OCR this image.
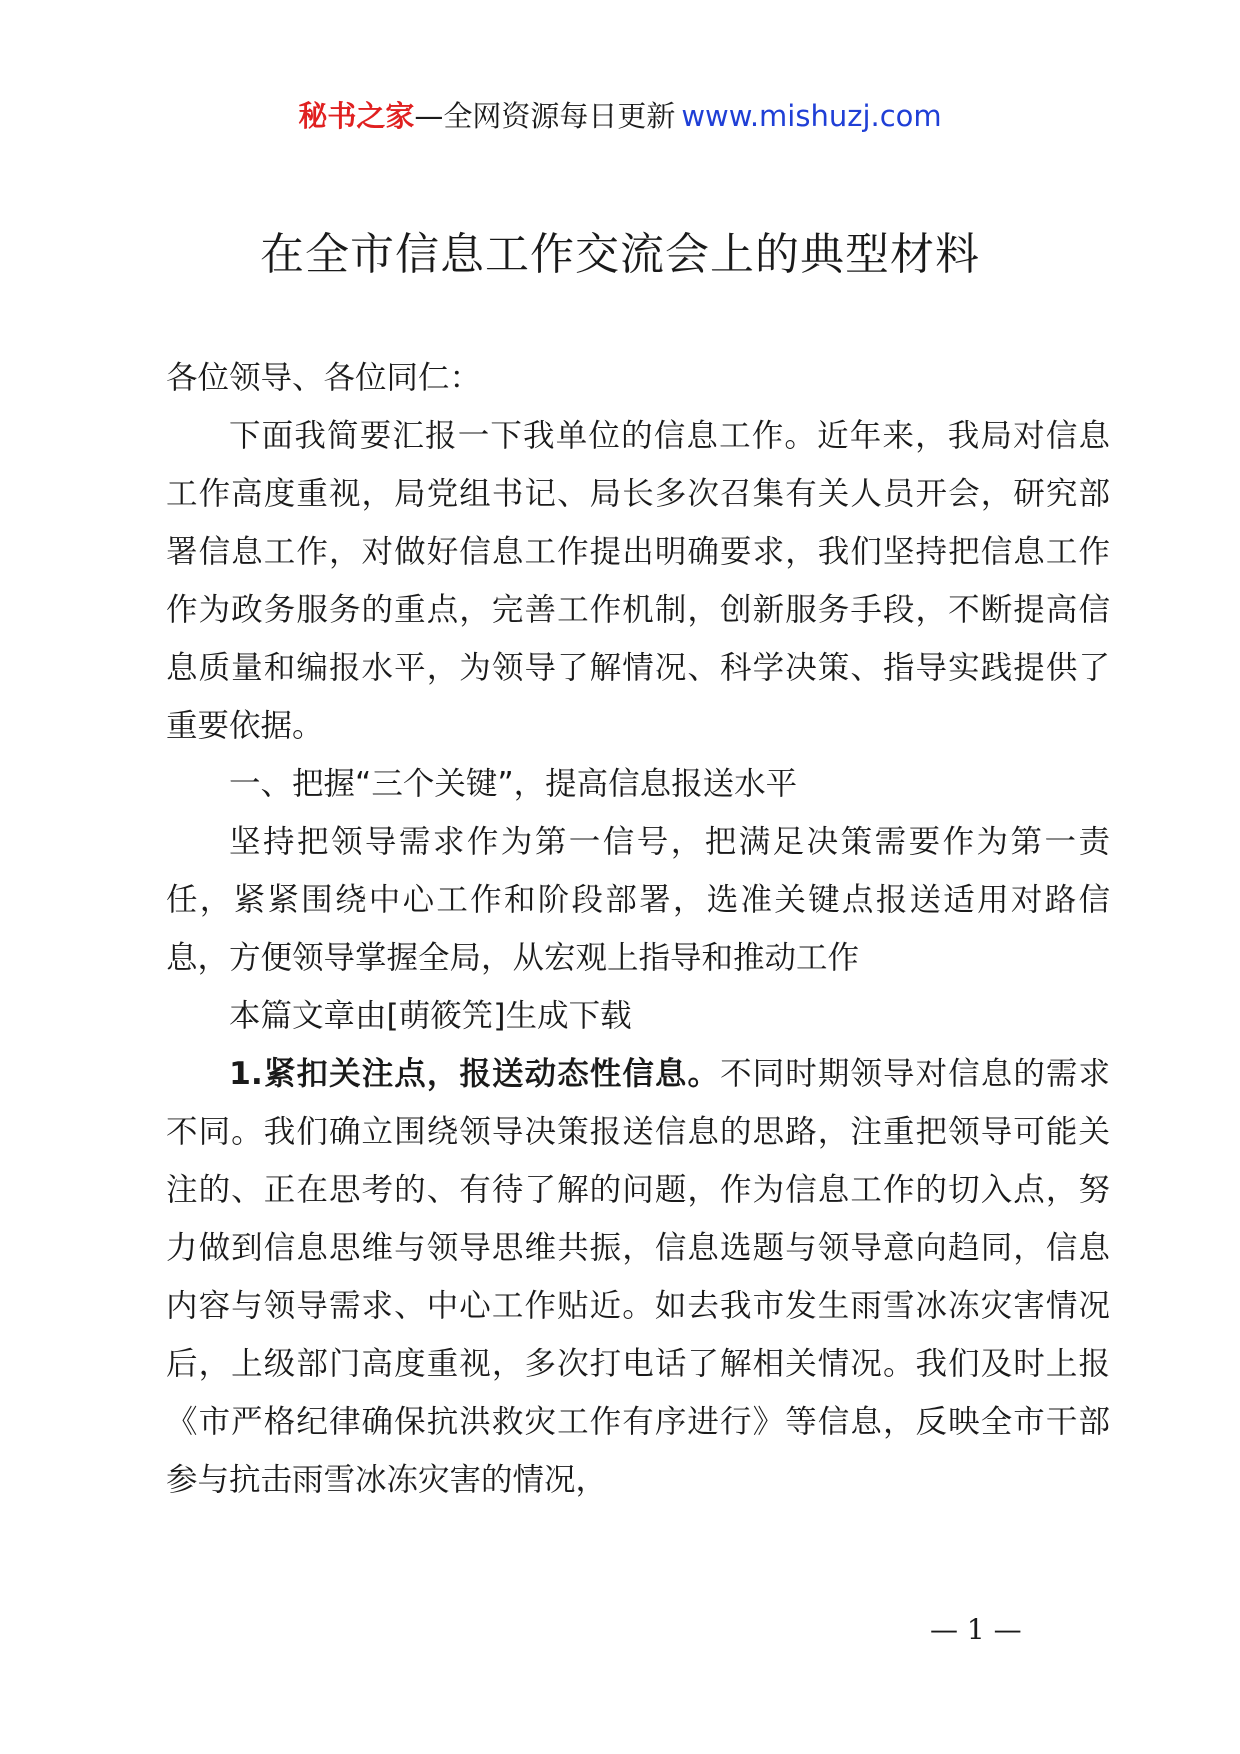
秘书之家—全网资源每日更新 www.mishuzj.com
在全市信息工作交流会上的典型材料

各位领导、各位同仁：

下面我简要汇报一下我单位的信息工作。近年来，我局对信息工作高度重视，局党组书记、局长多次召集有关人员开会，研究部署信息工作，对做好信息工作提出明确要求，我们坚持把信息工作作为政务服务的重点，完善工作机制，创新服务手段，不断提高信息质量和编报水平，为领导了解情况、科学决策、指导实践提供了重要依据。

一、把握“三个关键”，提高信息报送水平

坚持把领导需求作为第一信号，把满足决策需要作为第一责任，紧紧围绕中心工作和阶段部署，选准关键点报送适用对路信息，方便领导掌握全局，从宏观上指导和推动工作

本篇文章由[萌筱笐]生成下载

1.紧扣关注点，报送动态性信息。不同时期领导对信息的需求不同。我们确立围绕领导决策报送信息的思路，注重把领导可能关注的、正在思考的、有待了解的问题，作为信息工作的切入点，努力做到信息思维与领导思维共振，信息选题与领导意向趋同，信息内容与领导需求、中心工作贴近。如去我市发生雨雪冰冻灾害情况后，上级部门高度重视，多次打电话了解相关情况。我们及时上报《市严格纪律确保抗洪救灾工作有序进行》等信息，反映全市干部参与抗击雨雪冰冻灾害的情况，

— 1 —
